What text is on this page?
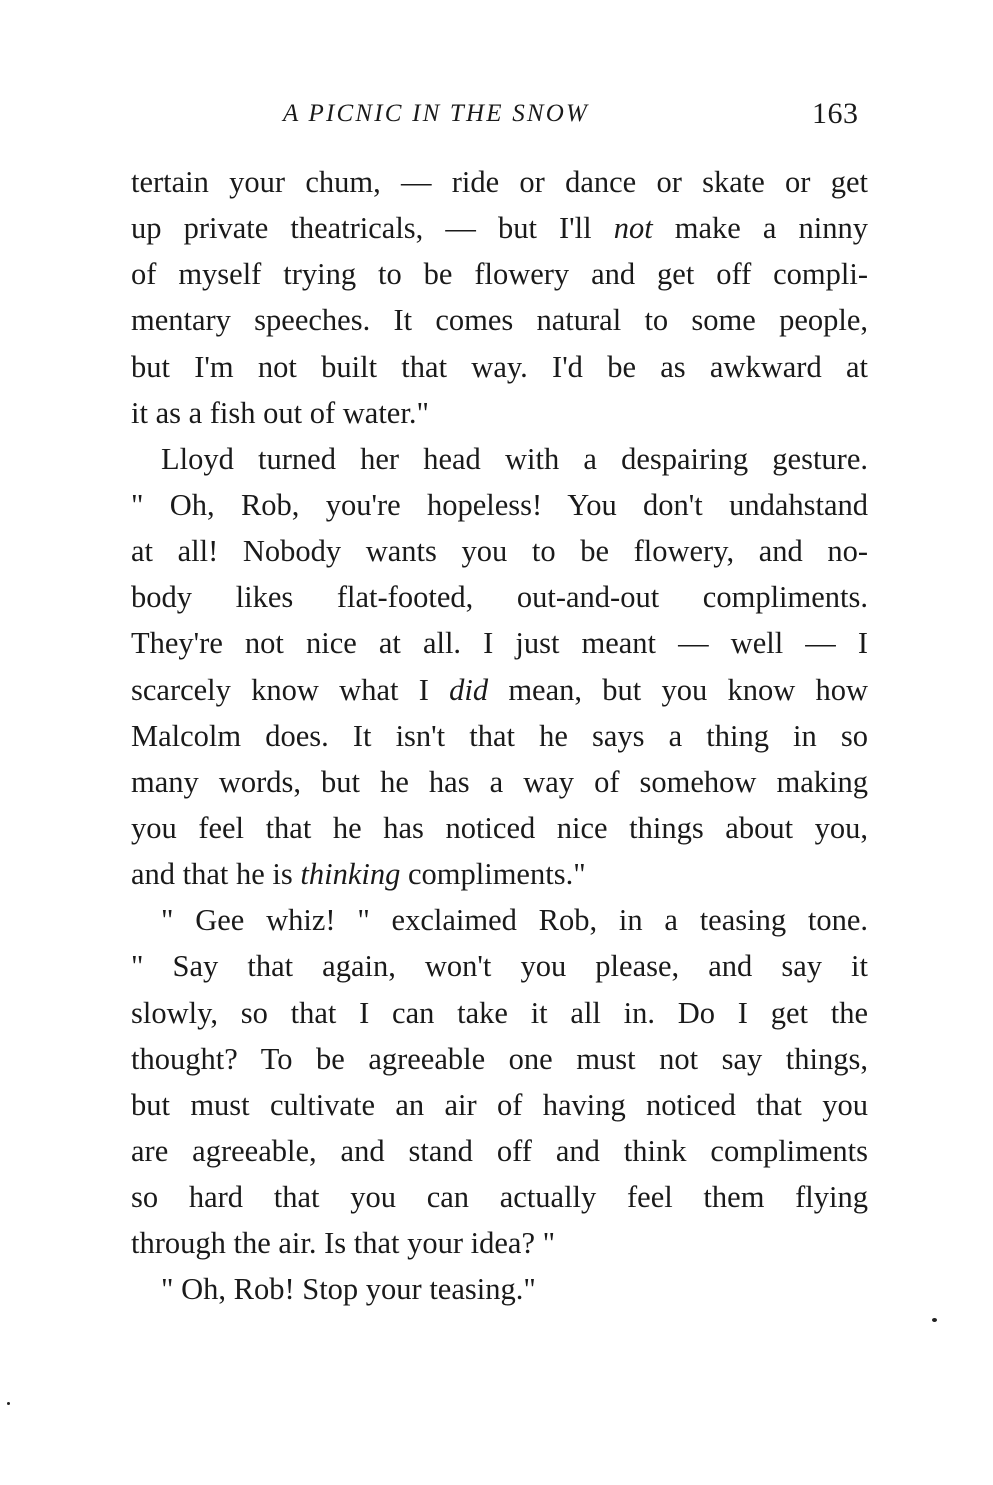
A PICNIC IN THE SNOW	163
tertain your chum, — ride or dance or skate or get
up private theatricals, — but I'll not make a ninny
of myself trying to be flowery and get off compli-
mentary speeches. It comes natural to some people,
but I'm not built that way. I'd be as awkward at
it as a fish out of water."
Lloyd turned her head with a despairing gesture.
" Oh, Rob, you're hopeless! You don't undahstand
at all! Nobody wants you to be flowery, and no-
body likes flat-footed, out-and-out compliments.
They're not nice at all. I just meant — well — I
scarcely know what I did mean, but you know how
Malcolm does. It isn't that he says a thing in so
many words, but he has a way of somehow making
you feel that he has noticed nice things about you,
and that he is thinking compliments."
" Gee whiz! " exclaimed Rob, in a teasing tone.
" Say that again, won't you please, and say it
slowly, so that I can take it all in. Do I get the
thought? To be agreeable one must not say things,
but must cultivate an air of having noticed that you
are agreeable, and stand off and think compliments
so hard that you can actually feel them flying
through the air. Is that your idea? "
" Oh, Rob! Stop your teasing."
